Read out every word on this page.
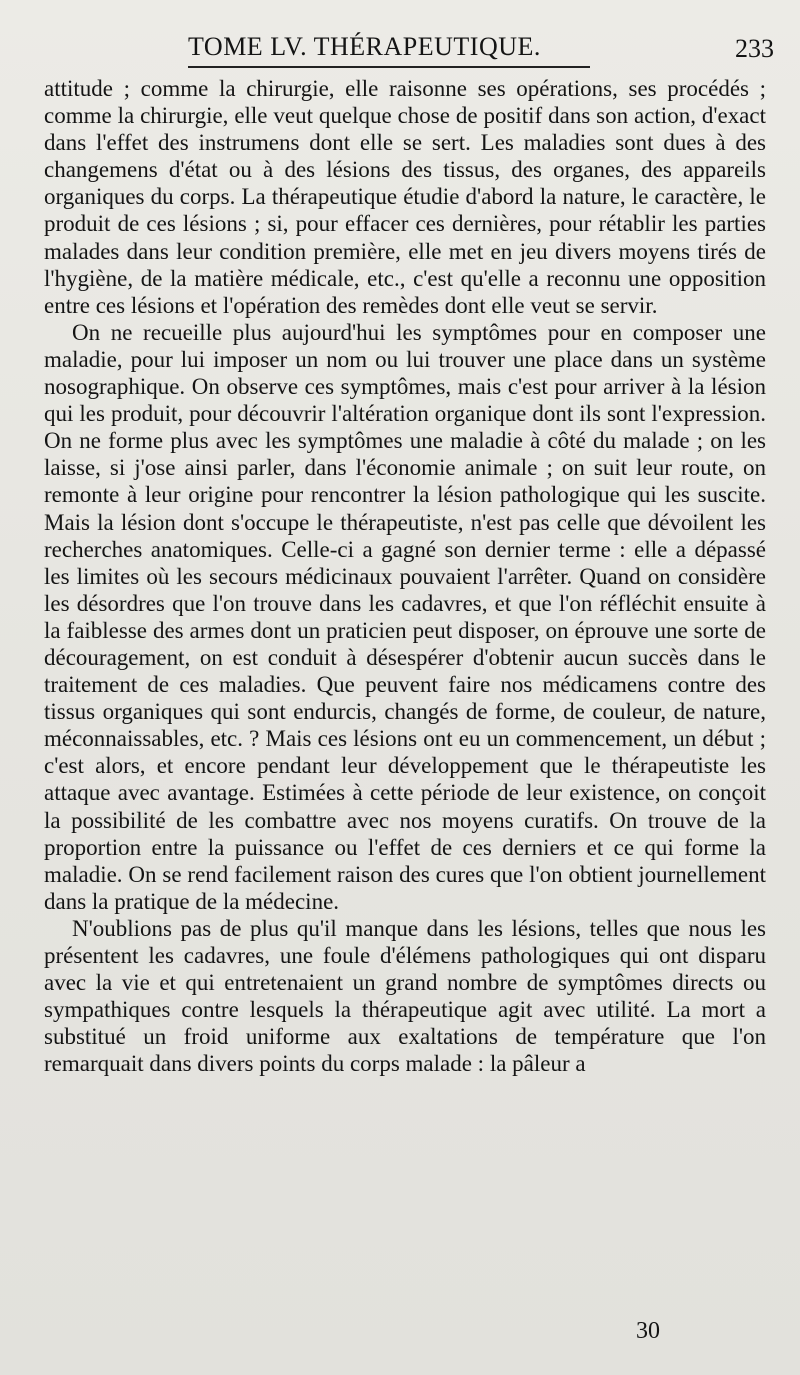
TOME LV. THÉRAPEUTIQUE.	233

attitude ; comme la chirurgie, elle raisonne ses opérations, ses procédés ; comme la chirurgie, elle veut quelque chose de positif dans son action, d'exact dans l'effet des instrumens dont elle se sert. Les maladies sont dues à des changemens d'état ou à des lésions des tissus, des organes, des appareils organiques du corps. La thérapeutique étudie d'abord la nature, le caractère, le produit de ces lésions ; si, pour effacer ces dernières, pour rétablir les parties malades dans leur condition première, elle met en jeu divers moyens tirés de l'hygiène, de la matière médicale, etc., c'est qu'elle a reconnu une opposition entre ces lésions et l'opération des remèdes dont elle veut se servir.

On ne recueille plus aujourd'hui les symptômes pour en composer une maladie, pour lui imposer un nom ou lui trouver une place dans un système nosographique. On observe ces symptômes, mais c'est pour arriver à la lésion qui les produit, pour découvrir l'altération organique dont ils sont l'expression. On ne forme plus avec les symptômes une maladie à côté du malade ; on les laisse, si j'ose ainsi parler, dans l'économie animale ; on suit leur route, on remonte à leur origine pour rencontrer la lésion pathologique qui les suscite. Mais la lésion dont s'occupe le thérapeutiste, n'est pas celle que dévoilent les recherches anatomiques. Celle-ci a gagné son dernier terme : elle a dépassé les limites où les secours médicinaux pouvaient l'arrêter. Quand on considère les désordres que l'on trouve dans les cadavres, et que l'on réfléchit ensuite à la faiblesse des armes dont un praticien peut disposer, on éprouve une sorte de découragement, on est conduit à désespérer d'obtenir aucun succès dans le traitement de ces maladies. Que peuvent faire nos médicamens contre des tissus organiques qui sont endurcis, changés de forme, de couleur, de nature, méconnaissables, etc. ? Mais ces lésions ont eu un commencement, un début ; c'est alors, et encore pendant leur développement que le thérapeutiste les attaque avec avantage. Estimées à cette période de leur existence, on conçoit la possibilité de les combattre avec nos moyens curatifs. On trouve de la proportion entre la puissance ou l'effet de ces derniers et ce qui forme la maladie. On se rend facilement raison des cures que l'on obtient journellement dans la pratique de la médecine.

N'oublions pas de plus qu'il manque dans les lésions, telles que nous les présentent les cadavres, une foule d'élémens pathologiques qui ont disparu avec la vie et qui entretenaient un grand nombre de symptômes directs ou sympathiques contre lesquels la thérapeutique agit avec utilité. La mort a substitué un froid uniforme aux exaltations de température que l'on remarquait dans divers points du corps malade : la pâleur a

30
